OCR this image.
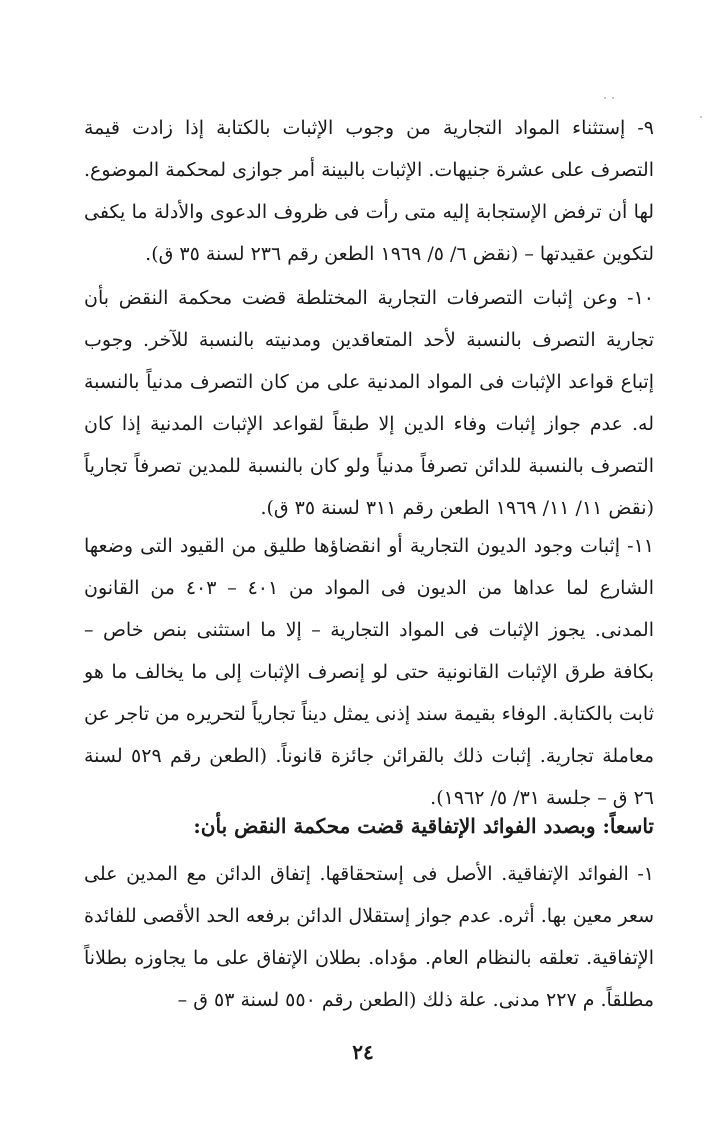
٩- إستثناء المواد التجارية من وجوب الإثبات بالكتابة إذا زادت قيمة التصرف على عشرة جنيهات. الإثبات بالبينة أمر جوازى لمحكمة الموضوع. لها أن ترفض الإستجابة إليه متى رأت فى ظروف الدعوى والأدلة ما يكفى لتكوين عقيدتها – (نقض ٦/ ٥/ ١٩٦٩ الطعن رقم ٢٣٦ لسنة ٣٥ ق).

١٠- وعن إثبات التصرفات التجارية المختلطة قضت محكمة النقض بأن تجارية التصرف بالنسبة لأحد المتعاقدين ومدنيته بالنسبة للآخر. وجوب إتباع قواعد الإثبات فى المواد المدنية على من كان التصرف مدنياً بالنسبة له. عدم جواز إثبات وفاء الدين إلا طبقاً لقواعد الإثبات المدنية إذا كان التصرف بالنسبة للدائن تصرفاً مدنياً ولو كان بالنسبة للمدين تصرفاً تجارياً (نقض ١١/ ١١/ ١٩٦٩ الطعن رقم ٣١١ لسنة ٣٥ ق).

١١- إثبات وجود الديون التجارية أو انقضاؤها طليق من القيود التى وضعها الشارع لما عداها من الديون فى المواد من ٤٠١ – ٤٠٣ من القانون المدنى. يجوز الإثبات فى المواد التجارية – إلا ما استثنى بنص خاص – بكافة طرق الإثبات القانونية حتى لو إنصرف الإثبات إلى ما يخالف ما هو ثابت بالكتابة. الوفاء بقيمة سند إذنى يمثل ديناً تجارياً لتحريره من تاجر عن معاملة تجارية. إثبات ذلك بالقرائن جائزة قانوناً. (الطعن رقم ٥٢٩ لسنة ٢٦ ق – جلسة ٣١/ ٥/ ١٩٦٢).

تاسعاً: وبصدد الفوائد الإتفاقية قضت محكمة النقض بأن:

١- الفوائد الإتفاقية. الأصل فى إستحقاقها. إتفاق الدائن مع المدين على سعر معين بها. أثره. عدم جواز إستقلال الدائن برفعه الحد الأقصى للفائدة الإتفاقية. تعلقه بالنظام العام. مؤداه. بطلان الإتفاق على ما يجاوزه بطلاناً مطلقاً. م ٢٢٧ مدنى. علة ذلك (الطعن رقم ٥٥٠ لسنة ٥٣ ق –

٢٤
